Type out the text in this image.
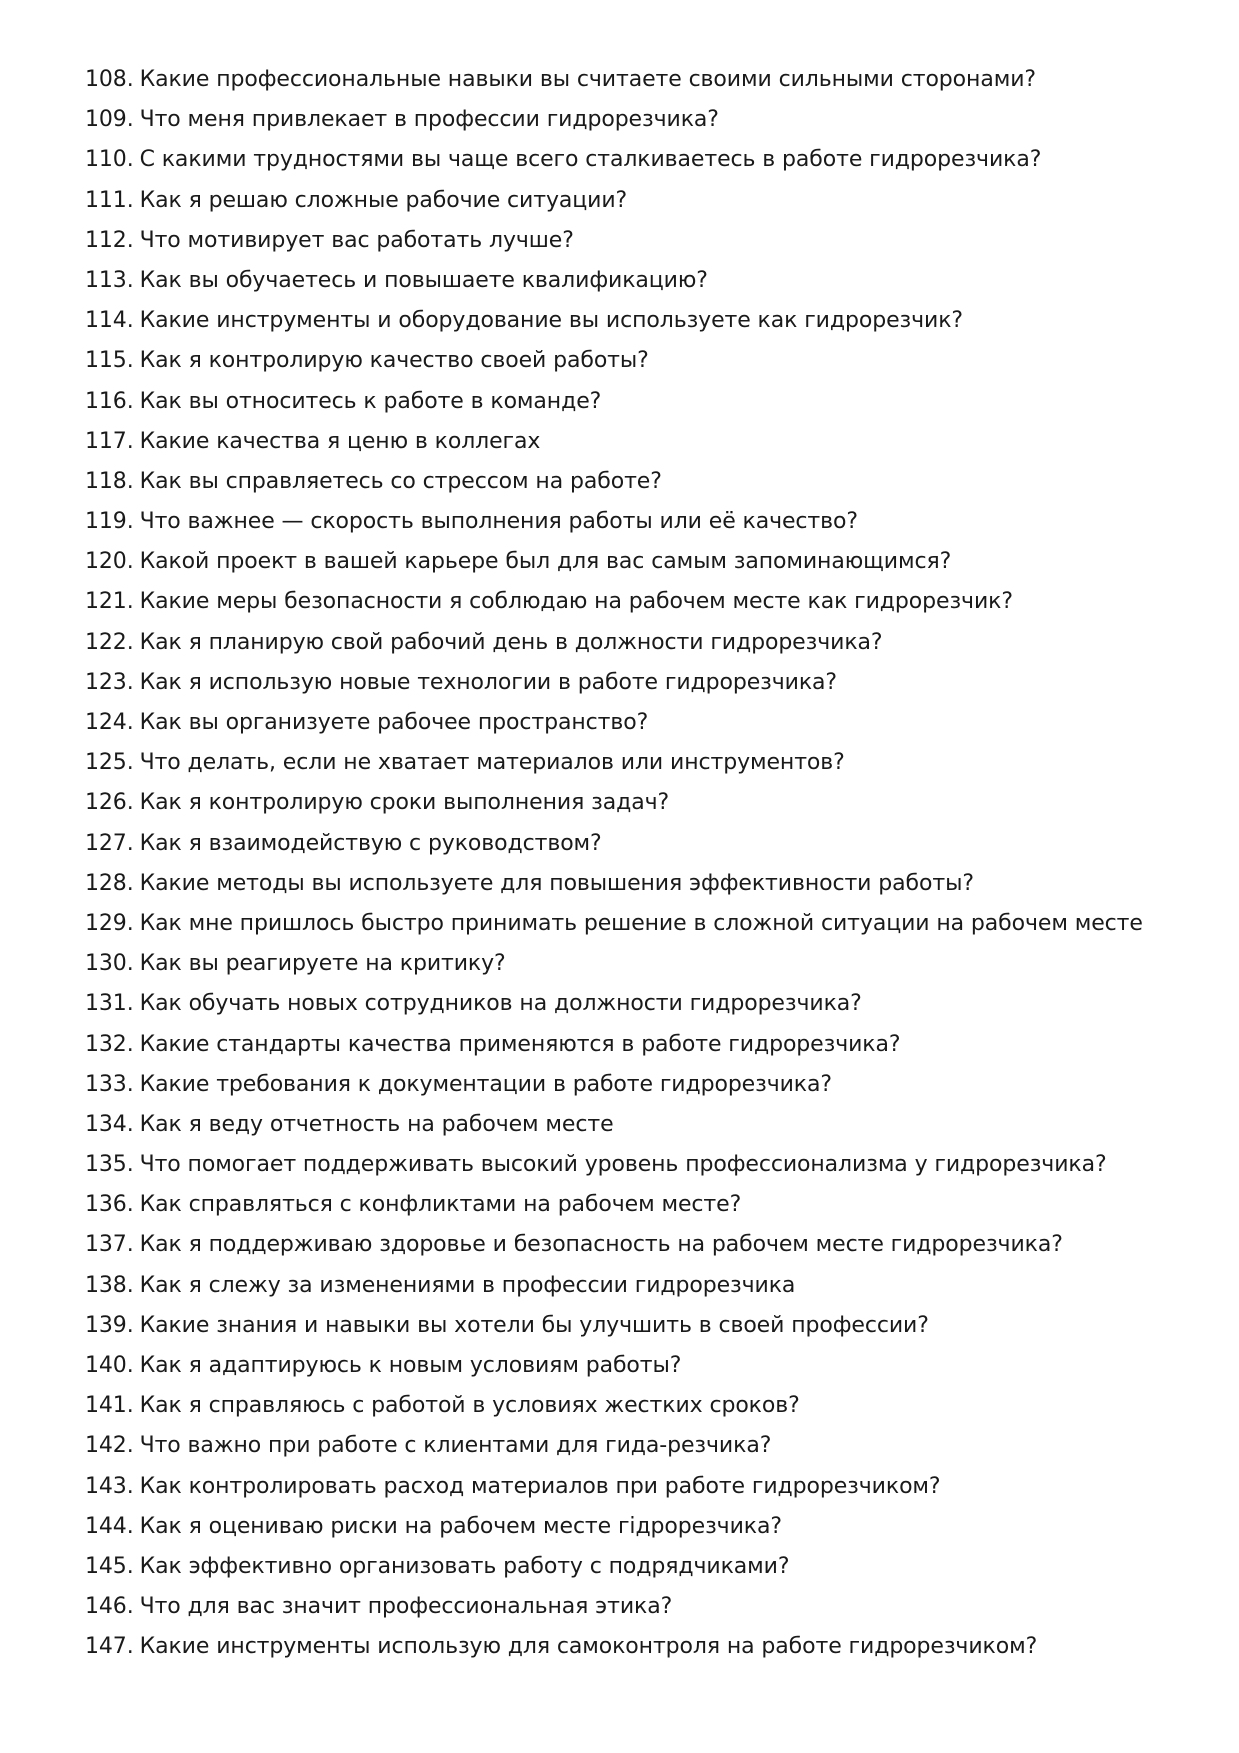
108. Какие профессиональные навыки вы считаете своими сильными сторонами?
109. Что меня привлекает в профессии гидрорезчика?
110. С какими трудностями вы чаще всего сталкиваетесь в работе гидрорезчика?
111. Как я решаю сложные рабочие ситуации?
112. Что мотивирует вас работать лучше?
113. Как вы обучаетесь и повышаете квалификацию?
114. Какие инструменты и оборудование вы используете как гидрорезчик?
115. Как я контролирую качество своей работы?
116. Как вы относитесь к работе в команде?
117. Какие качества я ценю в коллегах
118. Как вы справляетесь со стрессом на работе?
119. Что важнее — скорость выполнения работы или её качество?
120. Какой проект в вашей карьере был для вас самым запоминающимся?
121. Какие меры безопасности я соблюдаю на рабочем месте как гидрорезчик?
122. Как я планирую свой рабочий день в должности гидрорезчика?
123. Как я использую новые технологии в работе гидрорезчика?
124. Как вы организуете рабочее пространство?
125. Что делать, если не хватает материалов или инструментов?
126. Как я контролирую сроки выполнения задач?
127. Как я взаимодействую с руководством?
128. Какие методы вы используете для повышения эффективности работы?
129. Как мне пришлось быстро принимать решение в сложной ситуации на рабочем месте
130. Как вы реагируете на критику?
131. Как обучать новых сотрудников на должности гидрорезчика?
132. Какие стандарты качества применяются в работе гидрорезчика?
133. Какие требования к документации в работе гидрорезчика?
134. Как я веду отчетность на рабочем месте
135. Что помогает поддерживать высокий уровень профессионализма у гидрорезчика?
136. Как справляться с конфликтами на рабочем месте?
137. Как я поддерживаю здоровье и безопасность на рабочем месте гидрорезчика?
138. Как я слежу за изменениями в профессии гидрорезчика
139. Какие знания и навыки вы хотели бы улучшить в своей профессии?
140. Как я адаптируюсь к новым условиям работы?
141. Как я справляюсь с работой в условиях жестких сроков?
142. Что важно при работе с клиентами для гида-резчика?
143. Как контролировать расход материалов при работе гидрорезчиком?
144. Как я оцениваю риски на рабочем месте гідрорезчика?
145. Как эффективно организовать работу с подрядчиками?
146. Что для вас значит профессиональная этика?
147. Какие инструменты использую для самоконтроля на работе гидрорезчиком?
